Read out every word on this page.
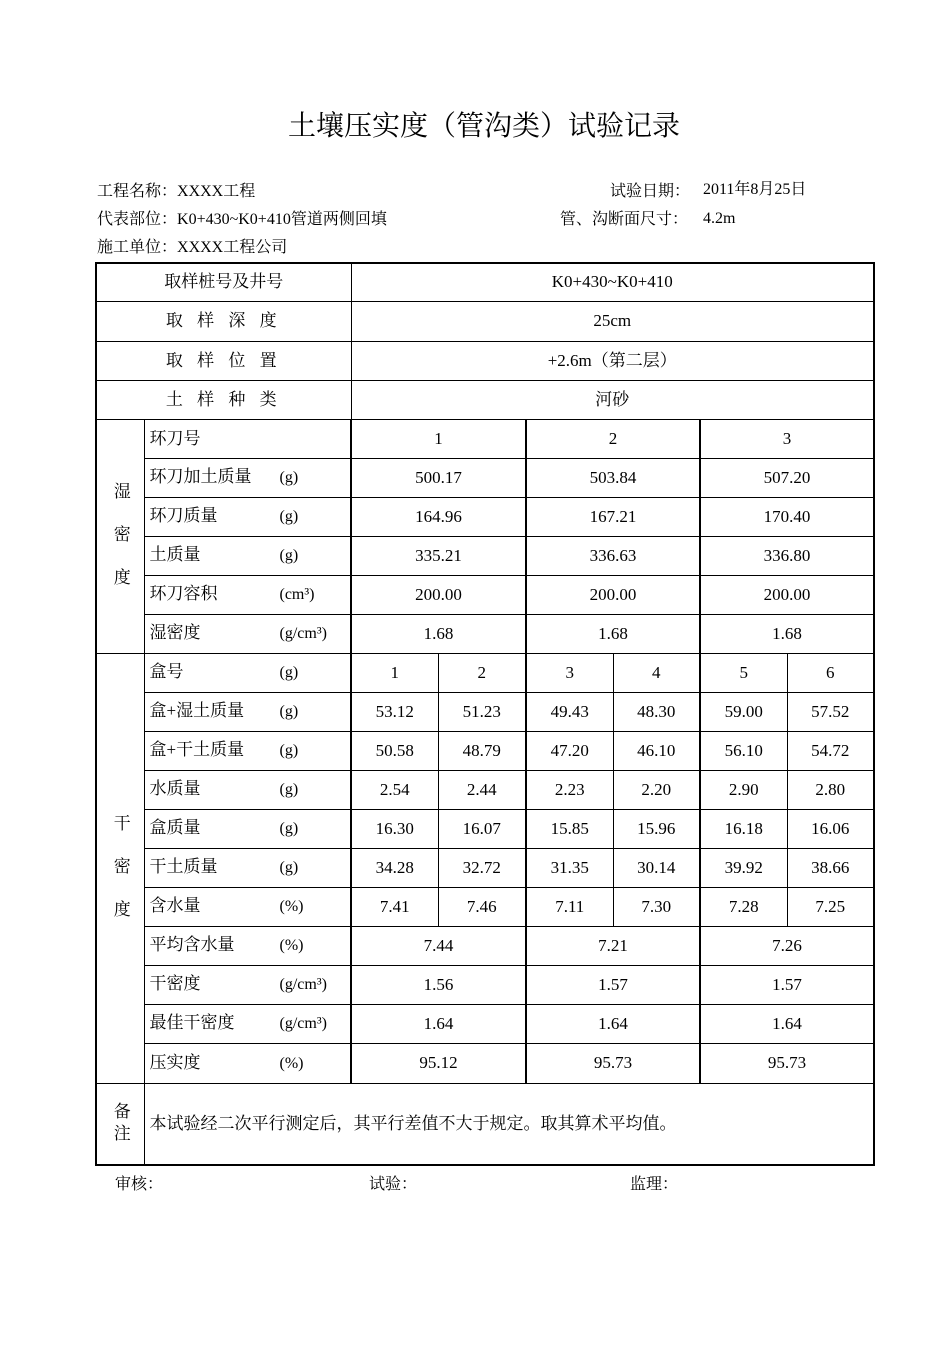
土壤压实度（管沟类）试验记录
工程名称：XXXX工程	试验日期： 2011年8月25日
代表部位：K0+430~K0+410管道两侧回填	管、沟断面尺寸： 4.2m
施工单位：XXXX工程公司
取样桩号及井号		K0+430~K0+410					
取 样 深 度		25cm					
取 样 位 置		+2.6m（第二层）					
土 样 种 类		河砂					
湿密度	环刀号	1		2		3	
	环刀加土质量 (g)	500.17		503.84		507.20	
	环刀质量 (g)	164.96		167.21		170.40	
	土质量 (g)	335.21		336.63		336.80	
	环刀容积 (cm³)	200.00		200.00		200.00	
	湿密度 (g/cm³)	1.68		1.68		1.68	
干密度	盒号 (g)	1	2	3	4	5	6
	盒+湿土质量 (g)	53.12	51.23	49.43	48.30	59.00	57.52
	盒+干土质量 (g)	50.58	48.79	47.20	46.10	56.10	54.72
	水质量 (g)	2.54	2.44	2.23	2.20	2.90	2.80
	盒质量 (g)	16.30	16.07	15.85	15.96	16.18	16.06
	干土质量 (g)	34.28	32.72	31.35	30.14	39.92	38.66
	含水量 (%)	7.41	7.46	7.11	7.30	7.28	7.25
	平均含水量 (%)	7.44		7.21		7.26	
	干密度 (g/cm³)	1.56		1.57		1.57	
	最佳干密度 (g/cm³)	1.64		1.64		1.64	
	压实度 (%)	95.12		95.73		95.73	
备注	本试验经二次平行测定后，其平行差值不大于规定。取其算术平均值。						
审核：	试验：	监理：
